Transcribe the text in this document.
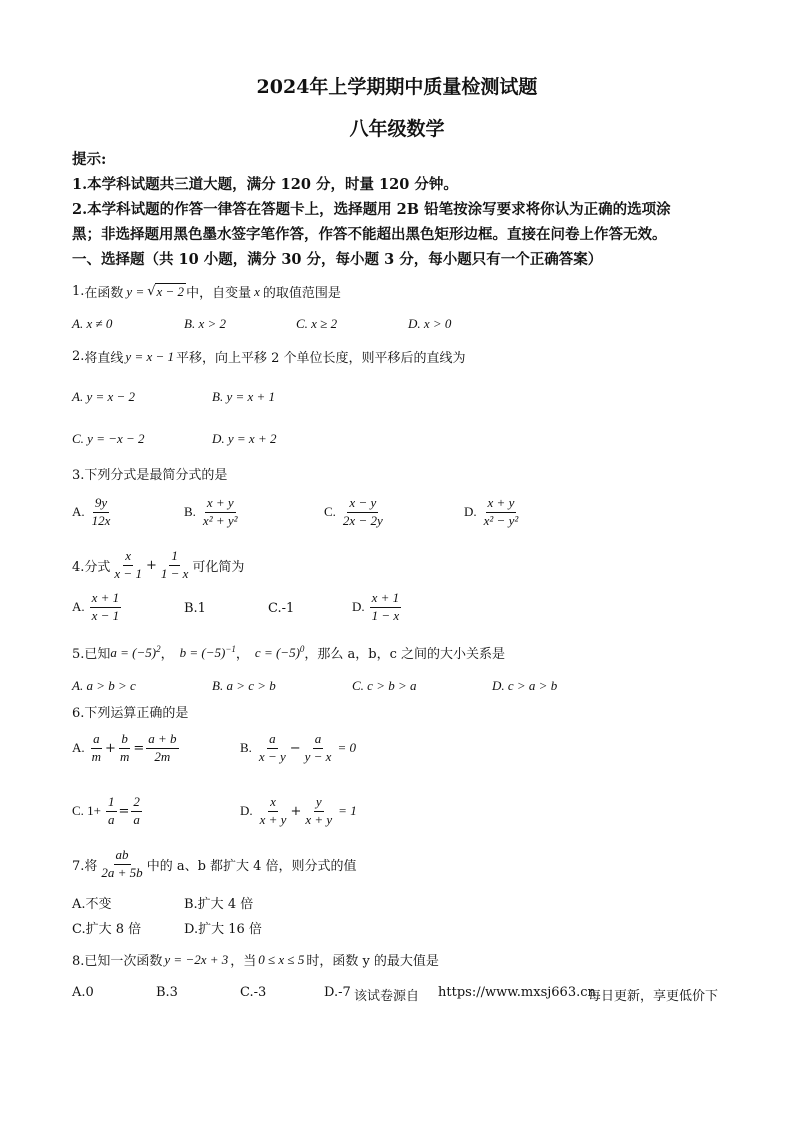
2024年上学期期中质量检测试题
八年级数学
提示:
1.本学科试题共三道大题，满分 120 分，时量 120 分钟。
2.本学科试题的作答一律答在答题卡上，选择题用 2B 铅笔按涂写要求将你认为正确的选项涂
黑；非选择题用黑色墨水签字笔作答，作答不能超出黑色矩形边框。直接在问卷上作答无效。
一、选择题（共 10 小题，满分 30 分，每小题 3 分，每小题只有一个正确答案）
1. 在函数 y = √ x − 2 中，自变量 x 的取值范围是
A. x ≠ 0	B. x > 2	C. x ≥ 2	D. x > 0
2. 将直线 y = x − 1 平移，向上平移 2 个单位长度，则平移后的直线为
A. y = x − 2	B. y = x + 1
C. y = −x − 2	D. y = x + 2
3.下列分式是最简分式的是
A. $\frac{9y}{12x}$	B. $\frac{x + y}{\text{x² + y²}}$	C. $\frac{x - y}{2x - 2y}$	D. $\frac{x + y}{\text{x² − y²}}$
4.分式 $\frac{x}{x - 1} + \frac{1}{1 - x}$ 可化简为
A. $\frac{x + 1}{x - 1}$	B.1	C.-1	D. $\frac{x + 1}{1 - x}$
5.已知 $a = (-5)^2$ ， $b = (-5)^{-1}$ ， $c = (-5)^0$ ，那么 a，b，c 之间的大小关系是
A. a > b > c	B. a > c > b	C. c > b > a	D. c > a > b
6.下列运算正确的是
A. $\frac{a}{m} + \frac{b}{m} = \frac{a + b}{2m}$	B. $\frac{a}{x - y} - \frac{a}{y - x} = 0$
C. $1+ \frac{1}{a} = \frac{2}{a}$	D. $\frac{x}{x + y} + \frac{y}{x + y} = 1$
7.将 $\frac{ab}{2a + 5b}$ 中的 a、b 都扩大 4 倍，则分式的值
A.不变	B.扩大 4 倍
C.扩大 8 倍	D.扩大 16 倍
8.已知一次函数 y = −2x + 3 ，当 0 ≤ x ≤ 5 时，函数 y 的最大值是
A.0	B.3	C.-3	D.-7 该试卷源自 https://www.mxsj663.cn
每日更新，享更低价下
